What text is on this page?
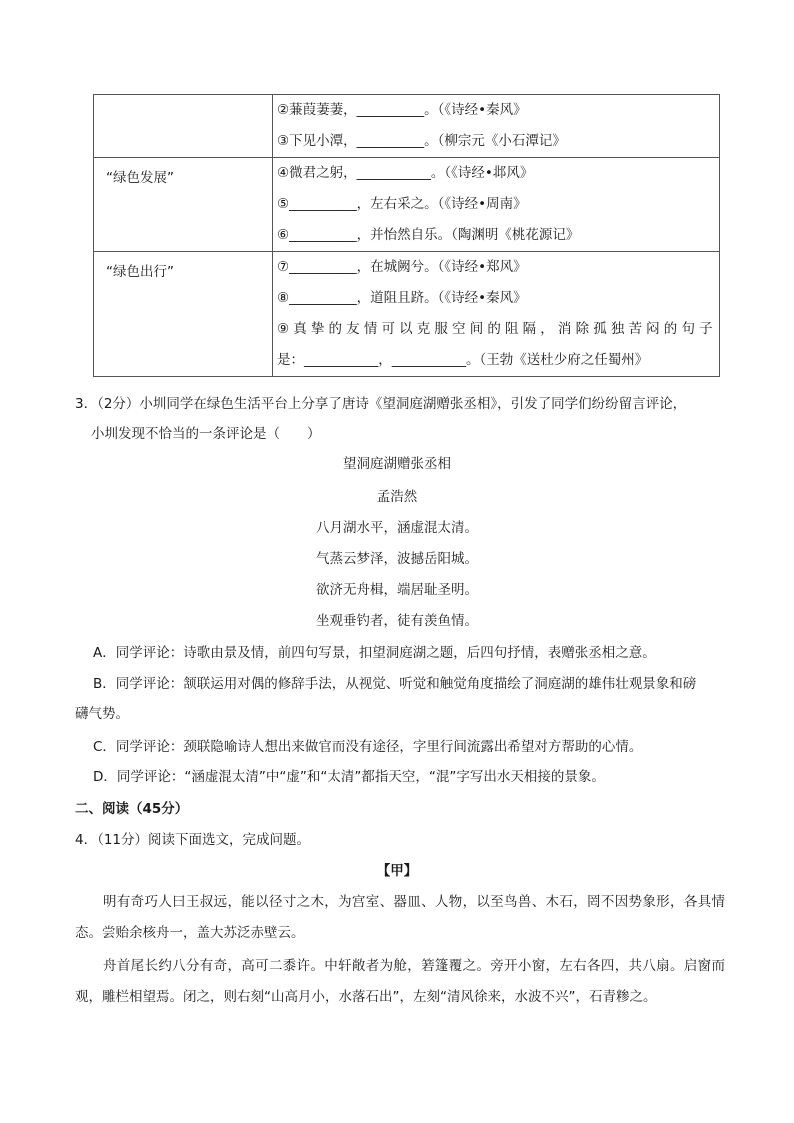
	②蒹葭萋萋，__________。（《诗经•秦风》
③下见小潭，__________。（柳宗元《小石潭记》

“绿色发展”	④微君之躬，___________。（《诗经•邶风》
⑤__________，左右采之。（《诗经•周南》
⑥__________，并怡然自乐。（陶渊明《桃花源记》

“绿色出行”	⑦__________，在城阙兮。（《诗经•郑风》
⑧__________，道阻且跻。（《诗经•秦风》
⑨真挚的友情可以克服空间的阻隔，消除孤独苦闷的句子
是：___________，___________。（王勃《送杜少府之任蜀州》
3．（2分）小圳同学在绿色生活平台上分享了唐诗《望洞庭湖赠张丞相》，引发了同学们纷纷留言评论，
小圳发现不恰当的一条评论是（　　）
望洞庭湖赠张丞相
孟浩然
八月湖水平，涵虚混太清。
气蒸云梦泽，波撼岳阳城。
欲济无舟楫，端居耻圣明。
坐观垂钓者，徒有羡鱼情。
A．同学评论：诗歌由景及情，前四句写景，扣望洞庭湖之题，后四句抒情，表赠张丞相之意。
B．同学评论：颔联运用对偶的修辞手法，从视觉、听觉和触觉角度描绘了洞庭湖的雄伟壮观景象和磅
礴气势。
C．同学评论：颈联隐喻诗人想出来做官而没有途径，字里行间流露出希望对方帮助的心情。
D．同学评论：“涵虚混太清”中“虚”和“太清”都指天空，“混”字写出水天相接的景象。
二、阅读（45分）
4．（11分）阅读下面选文，完成问题。
【甲】
明有奇巧人曰王叔远，能以径寸之木，为宫室、器皿、人物，以至鸟兽、木石，罔不因势象形，各具情态。尝贻余核舟一，盖大苏泛赤壁云。
舟首尾长约八分有奇，高可二黍许。中轩敞者为舱，箬篷覆之。旁开小窗，左右各四，共八扇。启窗而观，雕栏相望焉。闭之，则右刻“山高月小，水落石出”，左刻“清风徐来，水波不兴”，石青糁之。
